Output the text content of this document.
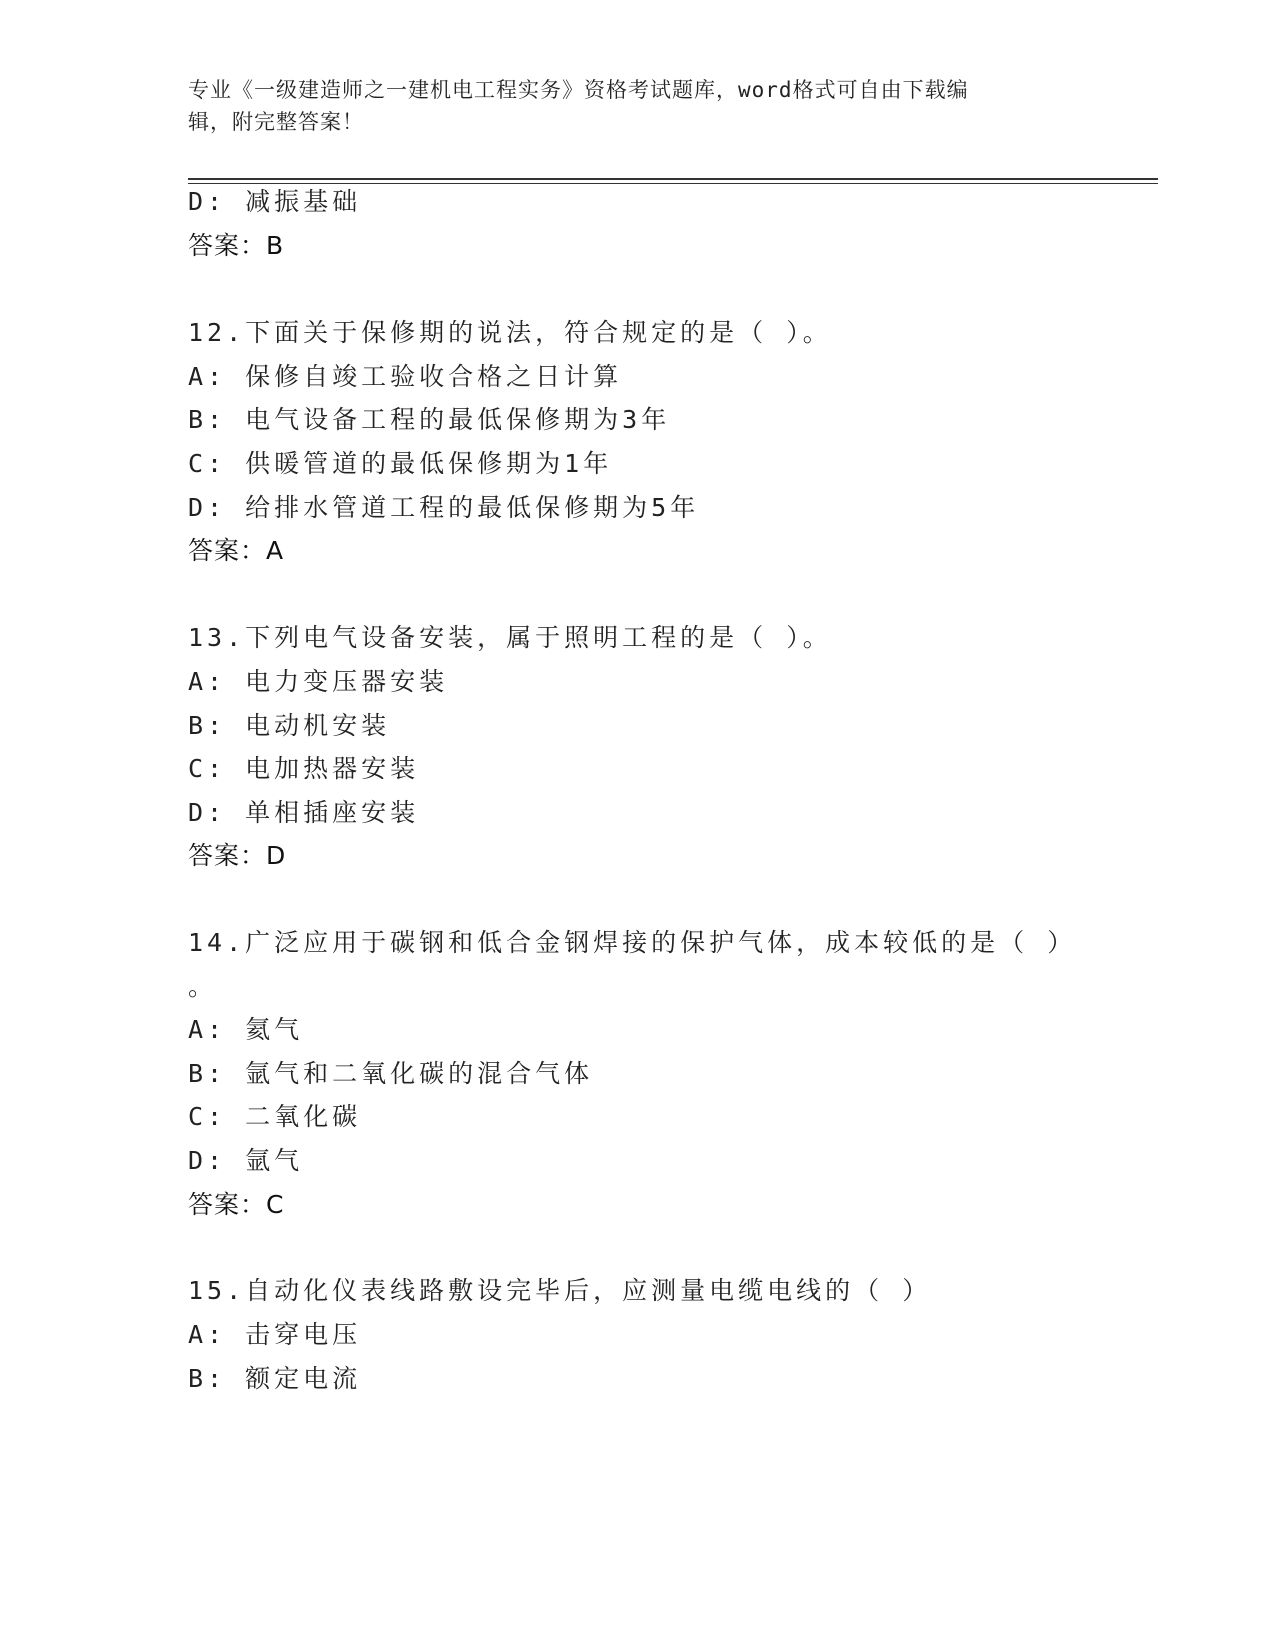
专业《一级建造师之一建机电工程实务》资格考试题库，word格式可自由下载编
辑，附完整答案！
D: 减振基础
答案：B
12.下面关于保修期的说法，符合规定的是（ ）。
A: 保修自竣工验收合格之日计算
B: 电气设备工程的最低保修期为3年
C: 供暖管道的最低保修期为1年
D: 给排水管道工程的最低保修期为5年
答案：A
13.下列电气设备安装，属于照明工程的是（ ）。
A: 电力变压器安装
B: 电动机安装
C: 电加热器安装
D: 单相插座安装
答案：D
14.广泛应用于碳钢和低合金钢焊接的保护气体，成本较低的是（ ）
。
A: 氦气
B: 氩气和二氧化碳的混合气体
C: 二氧化碳
D: 氩气
答案：C
15.自动化仪表线路敷设完毕后，应测量电缆电线的（ ）
A: 击穿电压
B: 额定电流
